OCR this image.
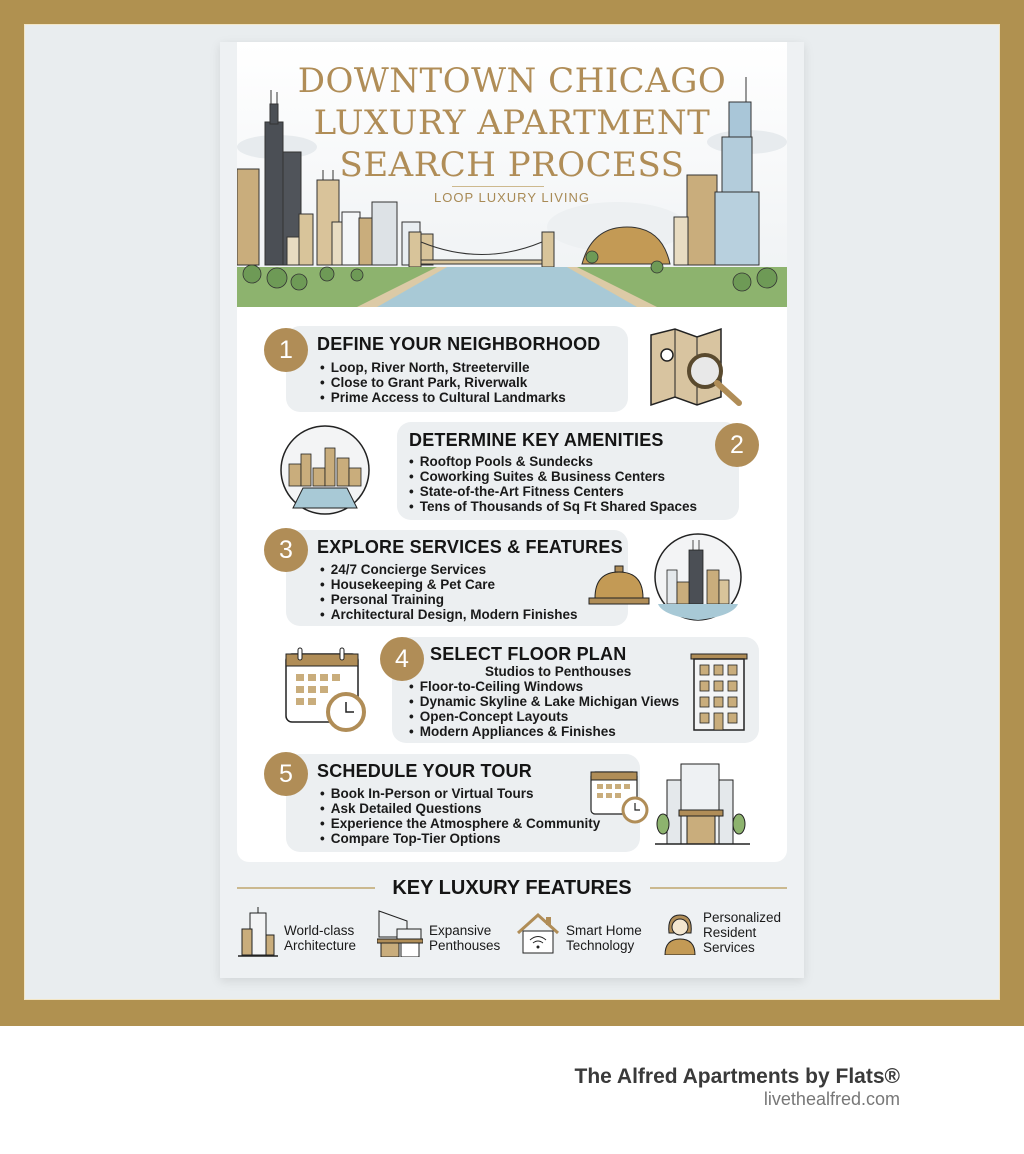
DOWNTOWN CHICAGO
LUXURY APARTMENT
SEARCH PROCESS
LOOP LUXURY LIVING
1	DEFINE YOUR NEIGHBORHOOD
• Loop, River North, Streeterville
• Close to Grant Park, Riverwalk
• Prime Access to Cultural Landmarks
2
DETERMINE KEY AMENITIES
• Rooftop Pools & Sundecks
• Coworking Suites & Business Centers
• State-of-the-Art Fitness Centers
• Tens of Thousands of Sq Ft Shared Spaces
3	EXPLORE SERVICES & FEATURES
• 24/7 Concierge Services
• Housekeeping & Pet Care
• Personal Training
• Architectural Design, Modern Finishes
4	SELECT FLOOR PLAN
Studios to Penthouses
• Floor-to-Ceiling Windows
• Dynamic Skyline & Lake Michigan Views
• Open-Concept Layouts
• Modern Appliances & Finishes
5	SCHEDULE YOUR TOUR
• Book In-Person or Virtual Tours
• Ask Detailed Questions
• Experience the Atmosphere & Community
• Compare Top-Tier Options
KEY LUXURY FEATURES
World-class
Architecture
Expansive
Penthouses
Smart Home
Technology
Personalized
Resident
Services
The Alfred Apartments by Flats®
livethealfred.com
